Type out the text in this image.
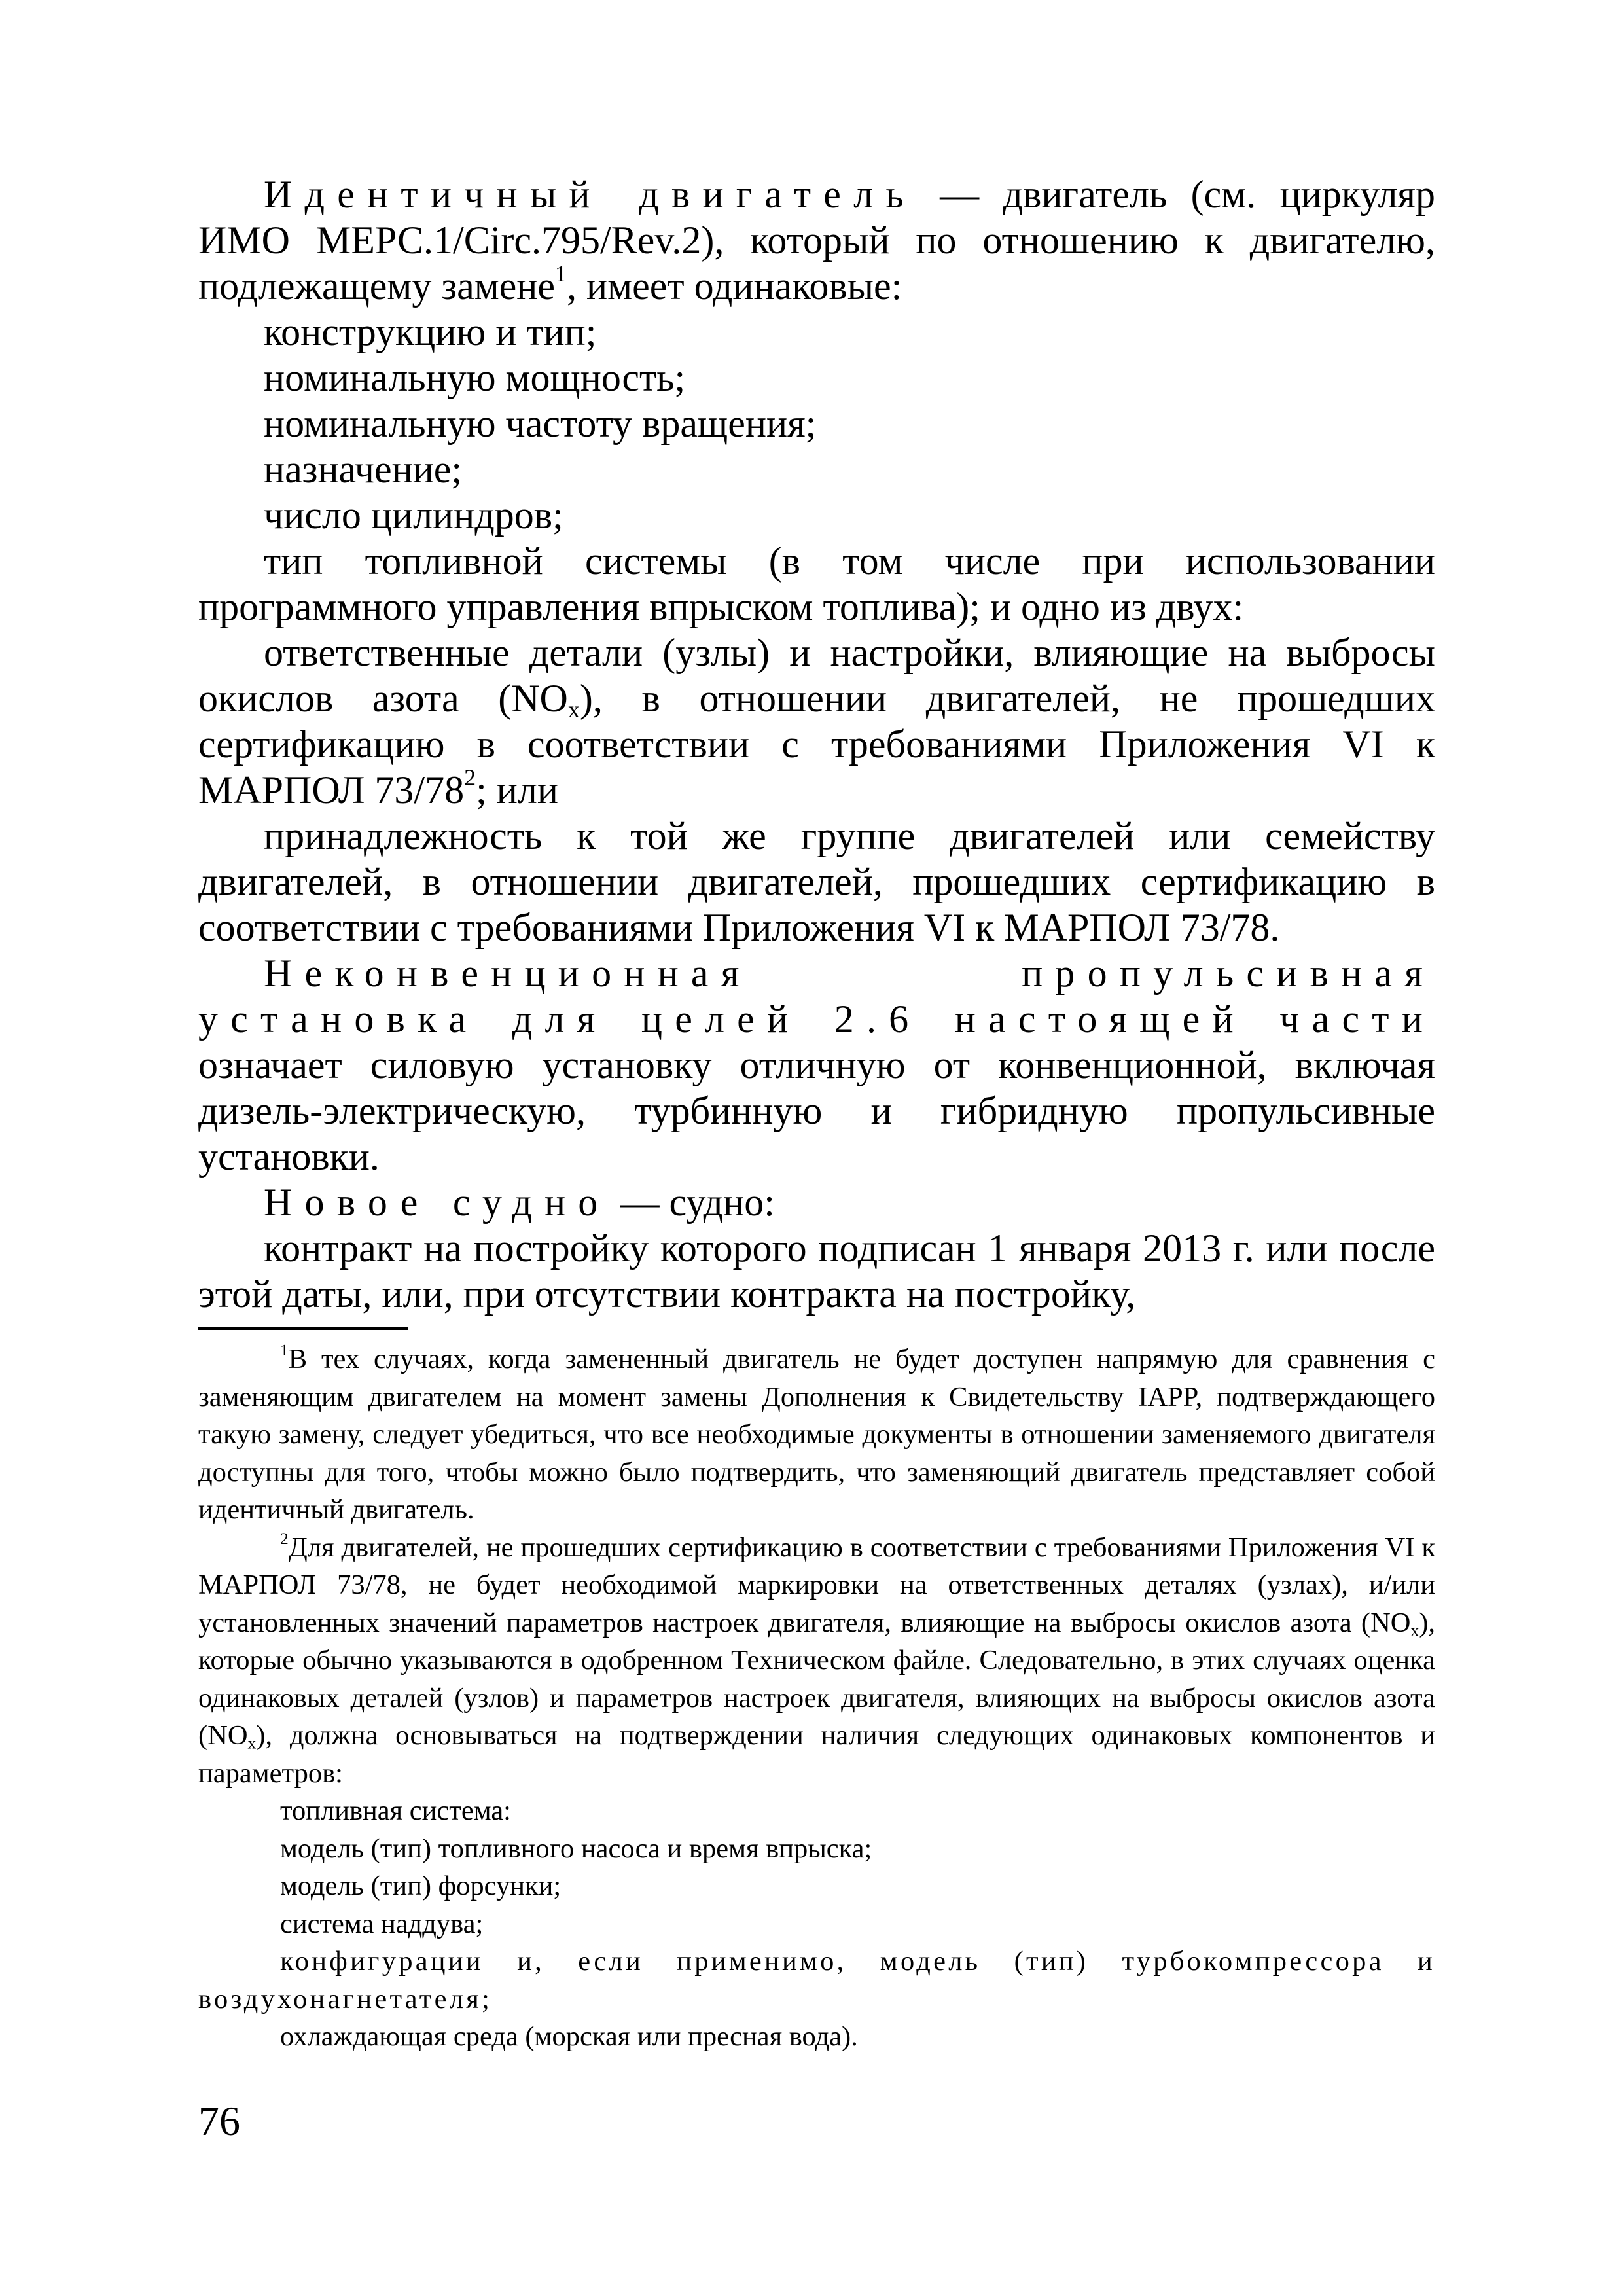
Идентичный двигатель — двигатель (см. циркуляр ИМО МЕРС.1/Circ.795/Rev.2), который по отношению к двигателю, подлежащему замене$^1$, имеет одинаковые:

конструкцию и тип;

номинальную мощность;

номинальную частоту вращения;

назначение;

число цилиндров;

тип топливной системы (в том числе при использовании программного управления впрыском топлива); и одно из двух:

ответственные детали (узлы) и настройки, влияющие на выбросы окислов азота $(NO_x)$, в отношении двигателей, не прошедших сертификацию в соответствии с требованиями Приложения VI к МАРПОЛ $73/78^2$; или

принадлежность к той же группе двигателей или семейству двигателей, в отношении двигателей, прошедших сертификацию в соответствии с требованиями Приложения VI к МАРПОЛ 73/78.

Неконвенционная пропульсивная установка для целей 2.6 настоящей части означает силовую установку отличную от конвенционной, включая дизель-электрическую, турбинную и гибридную пропульсивные установки.

Новое судно — судно:

контракт на постройку которого подписан 1 января 2013 г. или после этой даты, или, при отсутствии контракта на постройку,

$^1$В тех случаях, когда замененный двигатель не будет доступен напрямую для сравнения с заменяющим двигателем на момент замены Дополнения к Свидетельству IAPP, подтверждающего такую замену, следует убедиться, что все необходимые документы в отношении заменяемого двигателя доступны для того, чтобы можно было подтвердить, что заменяющий двигатель представляет собой идентичный двигатель.

$^2$Для двигателей, не прошедших сертификацию в соответствии с требованиями Приложения VI к МАРПОЛ 73/78, не будет необходимой маркировки на ответственных деталях (узлах), и/или установленных значений параметров настроек двигателя, влияющие на выбросы окислов азота $(NO_x)$, которые обычно указываются в одобренном Техническом файле. Следовательно, в этих случаях оценка одинаковых деталей (узлов) и параметров настроек двигателя, влияющих на выбросы окислов азота $(NO_x)$, должна основываться на подтверждении наличия следующих одинаковых компонентов и параметров:

топливная система:

модель (тип) топливного насоса и время впрыска;

модель (тип) форсунки;

система наддува;

конфигурации и, если применимо, модель (тип) турбокомпрессора и воздухонагнетателя;

охлаждающая среда (морская или пресная вода).

76
